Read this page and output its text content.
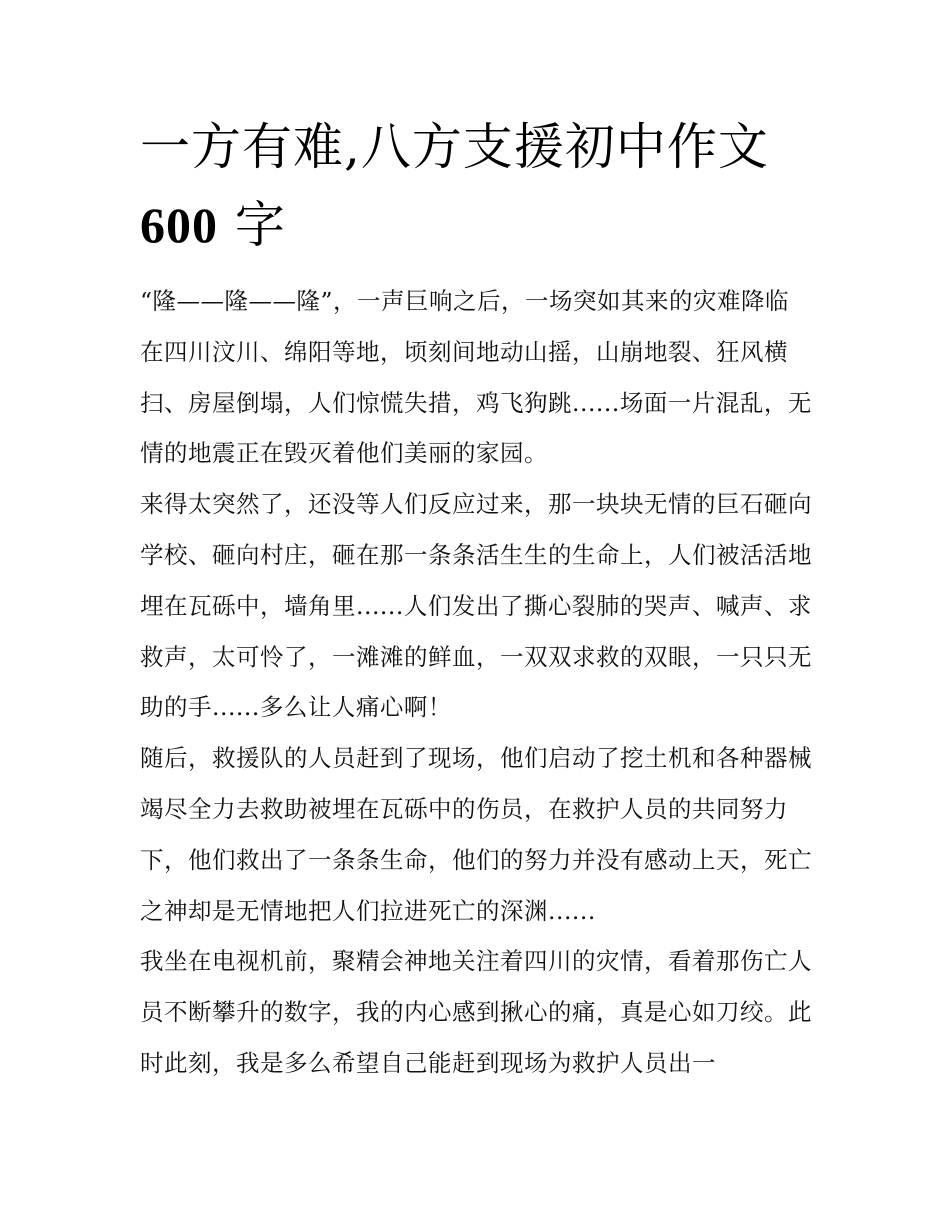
一方有难,八方支援初中作文
600 字

“隆——隆——隆”，一声巨响之后，一场突如其来的灾难降临在四川汶川、绵阳等地，顷刻间地动山摇，山崩地裂、狂风横扫、房屋倒塌，人们惊慌失措，鸡飞狗跳......场面一片混乱，无情的地震正在毁灭着他们美丽的家园。

来得太突然了，还没等人们反应过来，那一块块无情的巨石砸向学校、砸向村庄，砸在那一条条活生生的生命上，人们被活活地埋在瓦砾中，墙角里......人们发出了撕心裂肺的哭声、喊声、求救声，太可怜了，一滩滩的鲜血，一双双求救的双眼，一只只无助的手......多么让人痛心啊！

随后，救援队的人员赶到了现场，他们启动了挖土机和各种器械竭尽全力去救助被埋在瓦砾中的伤员，在救护人员的共同努力下，他们救出了一条条生命，他们的努力并没有感动上天，死亡之神却是无情地把人们拉进死亡的深渊......

我坐在电视机前，聚精会神地关注着四川的灾情，看着那伤亡人员不断攀升的数字，我的内心感到揪心的痛，真是心如刀绞。此时此刻，我是多么希望自己能赶到现场为救护人员出一
